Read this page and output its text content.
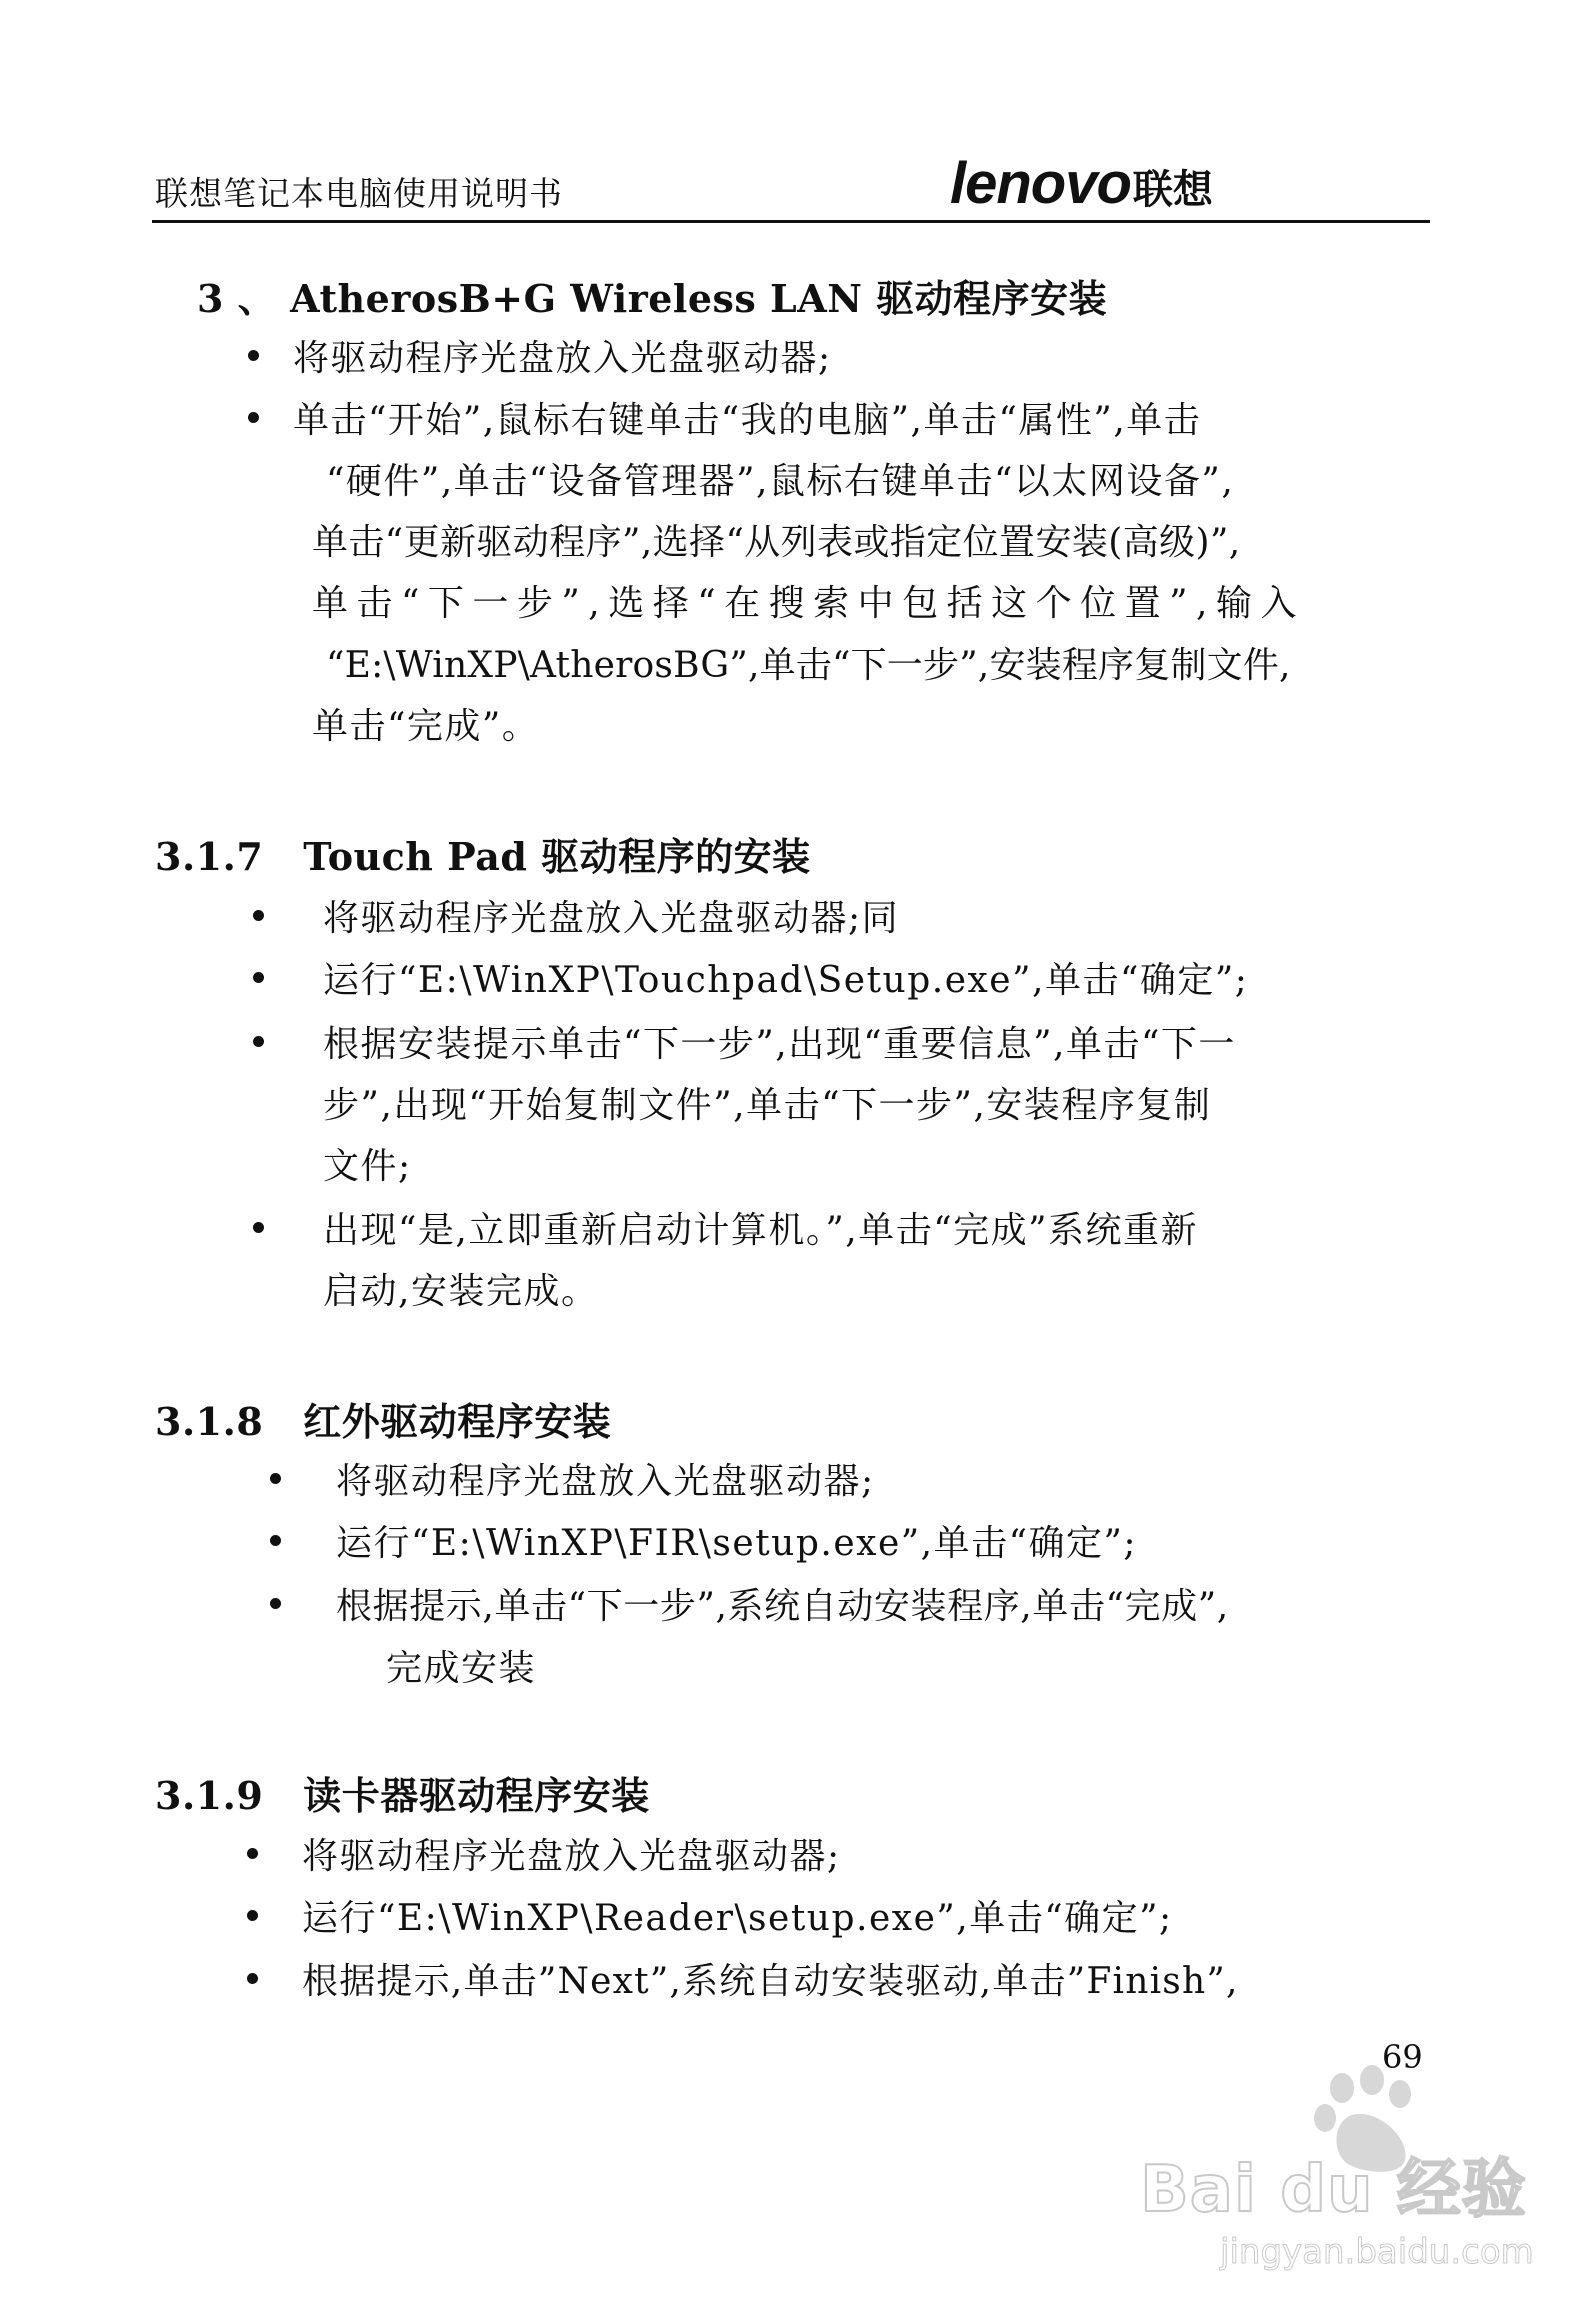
联想笔记本电脑使用说明书	lenovo 联想
3 、 AtherosB+G Wireless LAN 驱动程序安装
将驱动程序光盘放入光盘驱动器;
单击“开始”,鼠标右键单击“我的电脑”,单击“属性”,单击
“硬件”,单击“设备管理器”,鼠标右键单击“以太网设备”,
单击“更新驱动程序”,选择“从列表或指定位置安装(高级)”,
单击“下一步”,选择“在搜索中包括这个位置”,输入
“E:\WinXP\AtherosBG”,单击“下一步”,安装程序复制文件,
单击“完成”。
3.1.7 Touch Pad 驱动程序的安装
将驱动程序光盘放入光盘驱动器;同
运行“E:\WinXP\Touchpad\Setup.exe”,单击“确定”;
根据安装提示单击“下一步”,出现“重要信息”,单击“下一
步”,出现“开始复制文件”,单击“下一步”,安装程序复制
文件;
出现“是,立即重新启动计算机。”,单击“完成”系统重新
启动,安装完成。
3.1.8 红外驱动程序安装
将驱动程序光盘放入光盘驱动器;
运行“E:\WinXP\FIR\setup.exe”,单击“确定”;
根据提示,单击“下一步”,系统自动安装程序,单击“完成”,
完成安装
3.1.9 读卡器驱动程序安装
将驱动程序光盘放入光盘驱动器;
运行“E:\WinXP\Reader\setup.exe”,单击“确定”;
根据提示,单击”Next”,系统自动安装驱动,单击”Finish”,
69
Bai du 经验
jingyan.baidu.com
